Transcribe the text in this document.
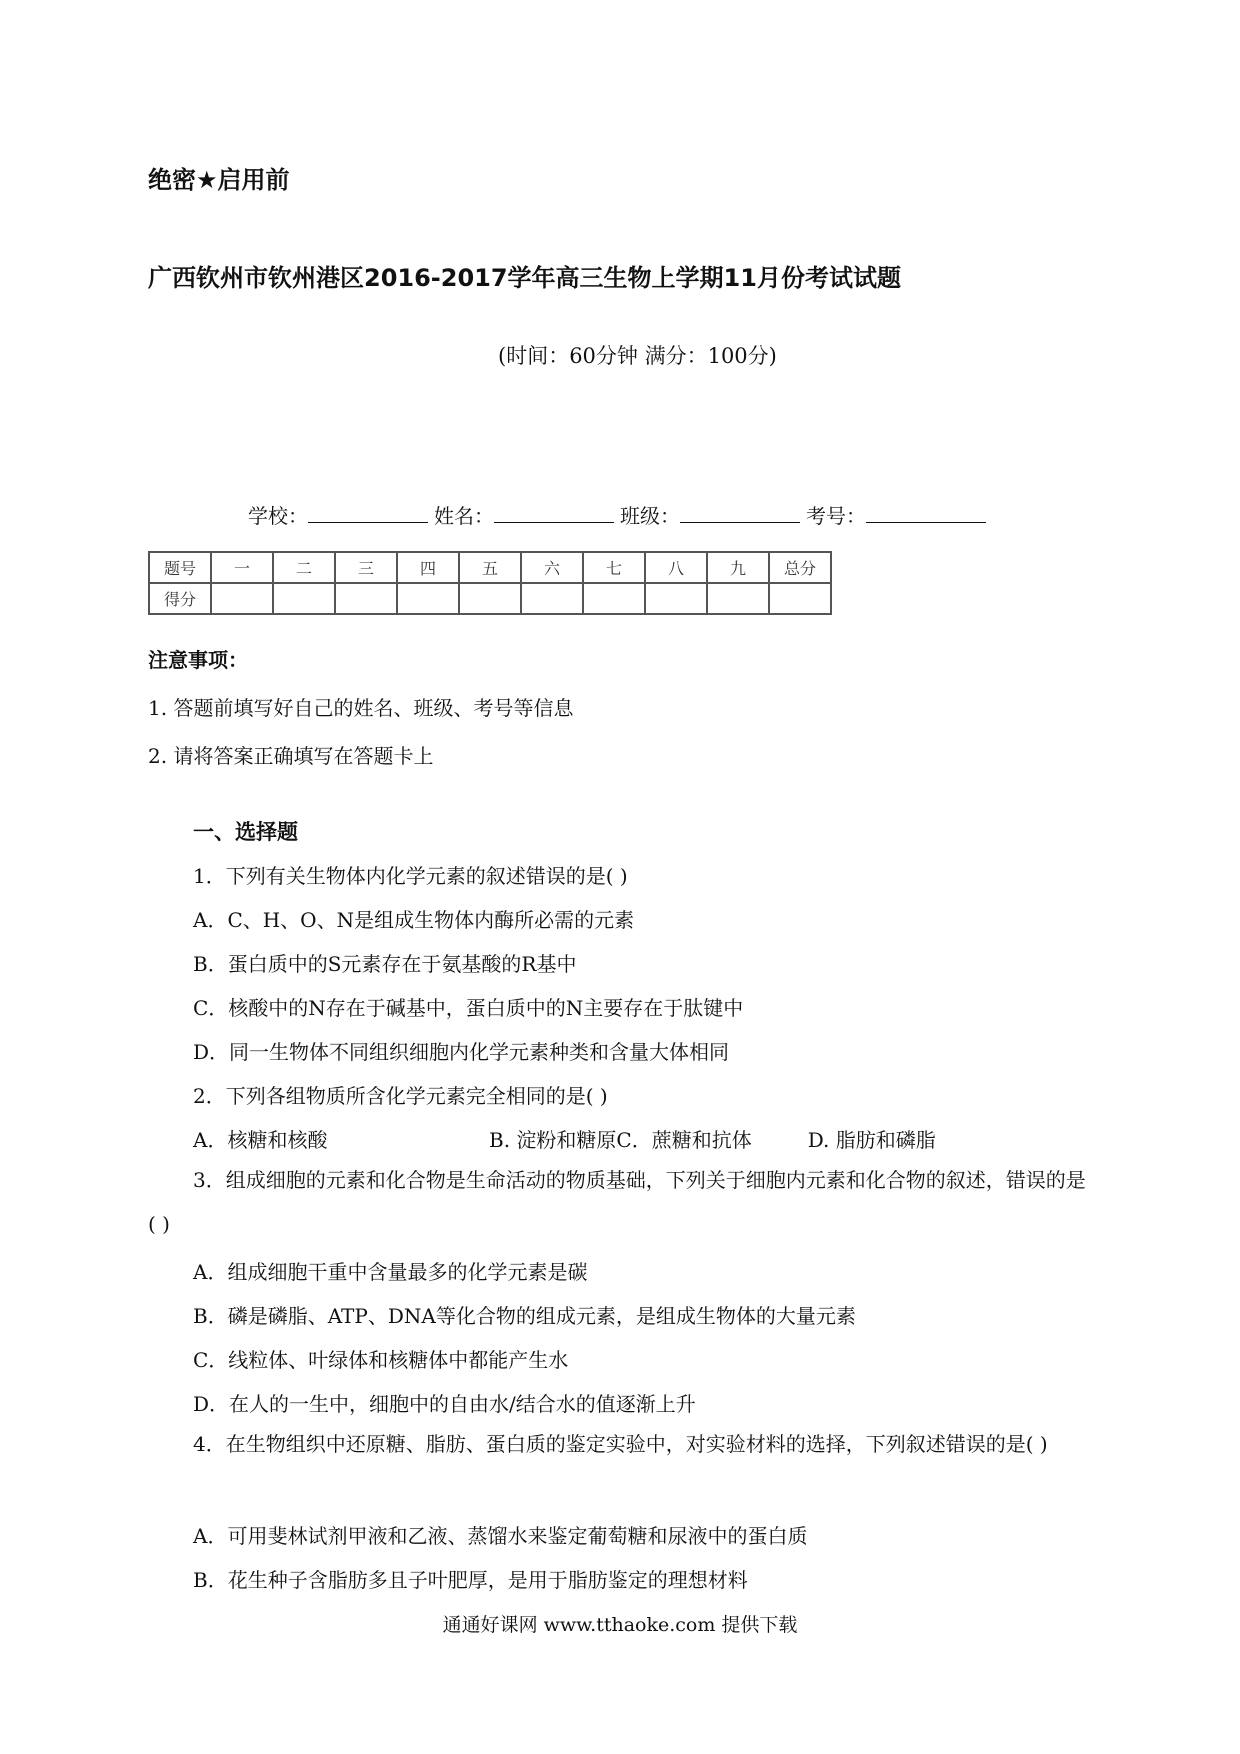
绝密★启用前
广西钦州市钦州港区2016-2017学年高三生物上学期11月份考试试题
(时间：60分钟 满分：100分)
学校：	姓名：	班级：	考号：
题号	一	二	三	四	五	六	七	八	九	总分
得分										
注意事项：
1. 答题前填写好自己的姓名、班级、考号等信息
2. 请将答案正确填写在答题卡上
一、选择题
1．下列有关生物体内化学元素的叙述错误的是( )
A．C、H、O、N是组成生物体内酶所必需的元素
B．蛋白质中的S元素存在于氨基酸的R基中
C．核酸中的N存在于碱基中，蛋白质中的N主要存在于肽键中
D．同一生物体不同组织细胞内化学元素种类和含量大体相同
2．下列各组物质所含化学元素完全相同的是( )
A．核糖和核酸	B. 淀粉和糖原C．蔗糖和抗体	D. 脂肪和磷脂
3．组成细胞的元素和化合物是生命活动的物质基础，下列关于细胞内元素和化合物的叙述，错误的是( )
A．组成细胞干重中含量最多的化学元素是碳
B．磷是磷脂、ATP、DNA等化合物的组成元素，是组成生物体的大量元素
C．线粒体、叶绿体和核糖体中都能产生水
D．在人的一生中，细胞中的自由水/结合水的值逐渐上升
4．在生物组织中还原糖、脂肪、蛋白质的鉴定实验中，对实验材料的选择，下列叙述错误的是( )
A．可用斐林试剂甲液和乙液、蒸馏水来鉴定葡萄糖和尿液中的蛋白质
B．花生种子含脂肪多且子叶肥厚，是用于脂肪鉴定的理想材料
通通好课网 www.tthaoke.com 提供下载
